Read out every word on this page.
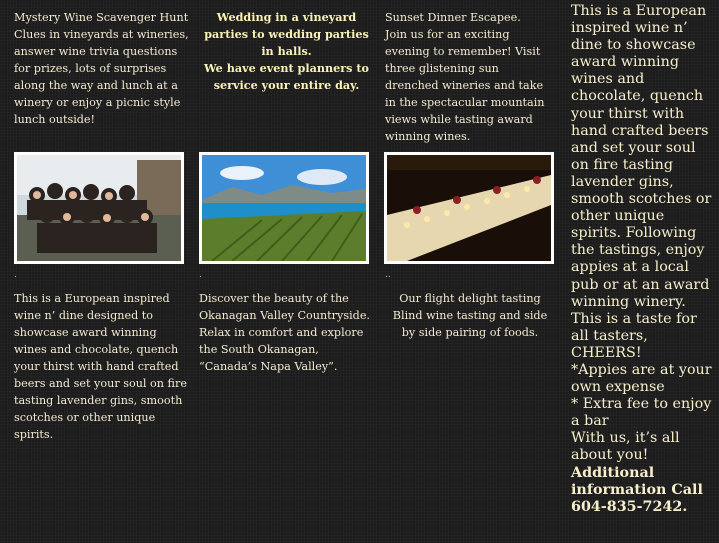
Mystery Wine Scavenger Hunt Clues in vineyards at wineries, answer wine trivia questions for prizes, lots of surprises along the way and lunch at a winery or enjoy a picnic style lunch outside!
Wedding in a vineyard parties to wedding parties in halls.
We have event planners to service your entire day.
Sunset Dinner Escapee.
Join us for an exciting evening to remember! Visit three glistening sun drenched wineries and take in the spectacular mountain views while tasting award winning wines.
.	.	..
This is a European inspired wine n’ dine designed to showcase award winning wines and chocolate, quench your thirst with hand crafted beers and set your soul on fire tasting lavender gins, smooth scotches or other unique spirits.
Discover the beauty of the Okanagan Valley Countryside. Relax in comfort and explore the South Okanagan, “Canada’s Napa Valley”.
Our flight delight tasting
Blind wine tasting and side by side pairing of foods.
This is a European inspired wine n’ dine to showcase award winning wines and chocolate, quench your thirst with hand crafted beers and set your soul on fire tasting lavender gins, smooth scotches or other unique spirits. Following the tastings, enjoy appies at a local pub or at an award winning winery. This is a taste for all tasters, CHEERS!
*Appies are at your own expense
* Extra fee to enjoy a bar
With us, it’s all about you!
Additional information Call 604-835-7242.
